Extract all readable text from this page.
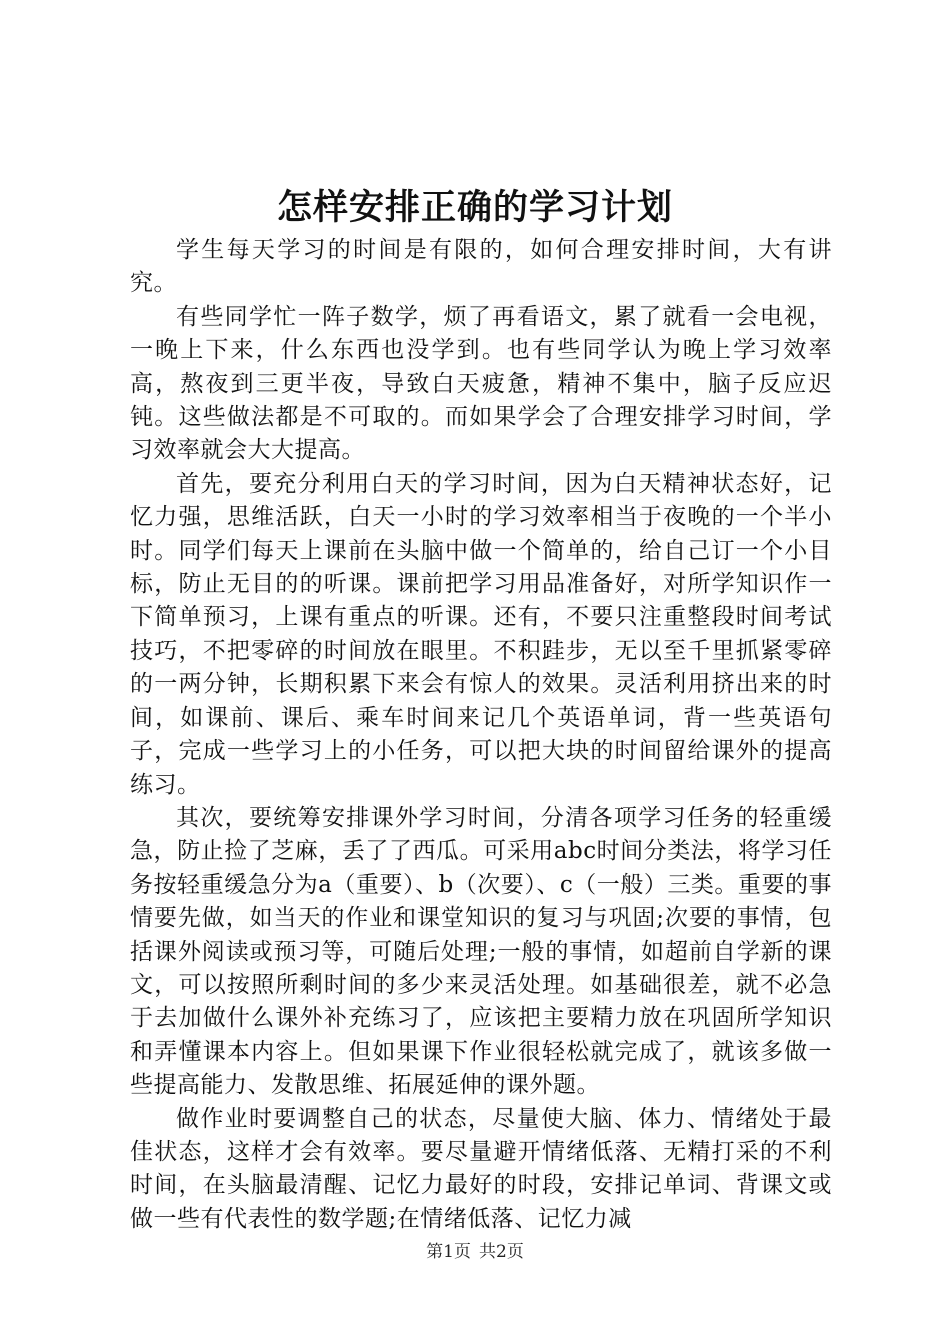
怎样安排正确的学习计划

学生每天学习的时间是有限的，如何合理安排时间，大有讲究。

有些同学忙一阵子数学，烦了再看语文，累了就看一会电视，一晚上下来，什么东西也没学到。也有些同学认为晚上学习效率高，熬夜到三更半夜，导致白天疲惫，精神不集中，脑子反应迟钝。这些做法都是不可取的。而如果学会了合理安排学习时间，学习效率就会大大提高。

首先，要充分利用白天的学习时间，因为白天精神状态好，记忆力强，思维活跃，白天一小时的学习效率相当于夜晚的一个半小时。同学们每天上课前在头脑中做一个简单的，给自己订一个小目标，防止无目的的听课。课前把学习用品准备好，对所学知识作一下简单预习，上课有重点的听课。还有，不要只注重整段时间考试技巧，不把零碎的时间放在眼里。不积跬步，无以至千里抓紧零碎的一两分钟，长期积累下来会有惊人的效果。灵活利用挤出来的时间，如课前、课后、乘车时间来记几个英语单词，背一些英语句子，完成一些学习上的小任务，可以把大块的时间留给课外的提高练习。

其次，要统筹安排课外学习时间，分清各项学习任务的轻重缓急，防止捡了芝麻，丢了了西瓜。可采用abc时间分类法，将学习任务按轻重缓急分为a（重要）、b（次要）、c（一般）三类。重要的事情要先做，如当天的作业和课堂知识的复习与巩固;次要的事情，包括课外阅读或预习等，可随后处理;一般的事情，如超前自学新的课文，可以按照所剩时间的多少来灵活处理。如基础很差，就不必急于去加做什么课外补充练习了，应该把主要精力放在巩固所学知识和弄懂课本内容上。但如果课下作业很轻松就完成了，就该多做一些提高能力、发散思维、拓展延伸的课外题。

做作业时要调整自己的状态，尽量使大脑、体力、情绪处于最佳状态，这样才会有效率。要尽量避开情绪低落、无精打采的不利时间，在头脑最清醒、记忆力最好的时段，安排记单词、背课文或做一些有代表性的数学题;在情绪低落、记忆力减

第1页 共2页
